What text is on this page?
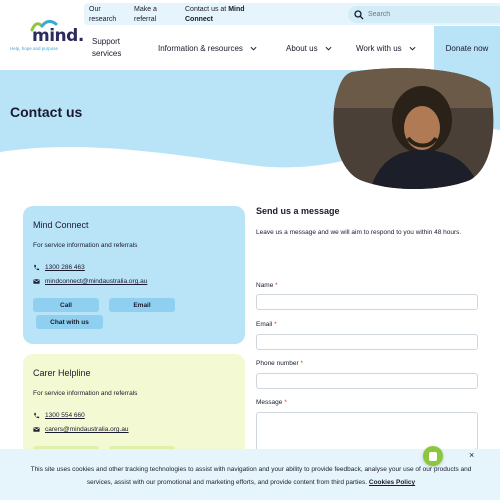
mind.
Help, hope and purpose
Our
research
Make a
referral
Contact us at Mind
Connect
Search
Support
services
Information & resources	About us	Work with us	Donate now
Contact us
Mind Connect
For service information and referrals
1300 286 463
mindconnect@mindaustralia.org.au
Call	Email
Chat with us
Carer Helpline
For service information and referrals
1300 554 660
carers@mindaustralia.org.au
Send us a message

Leave us a message and we will aim to respond to you within 48 hours.

Name *
Email *
Phone number *
Message *

This site uses cookies and other tracking technologies to assist with navigation and your ability to provide feedback, analyse your use of our products and services, assist with our promotional and marketing efforts, and provide content from third parties. Cookies Policy

×
